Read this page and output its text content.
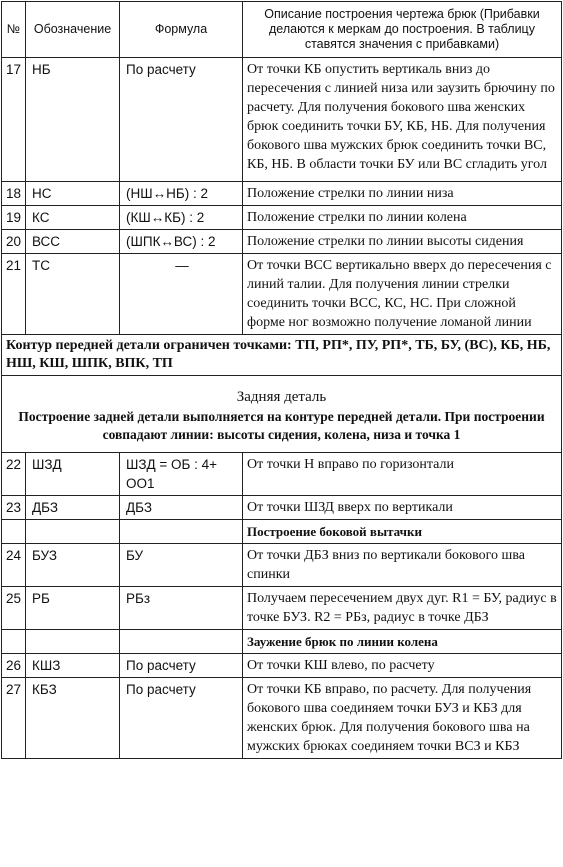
№	Обозначение	Формула	Описание построения чертежа брюк (Прибавки делаются к меркам до построения. В таблицу ставятся значения с прибавками)
17	НБ	По расчету	От точки КБ опустить вертикаль вниз до пересечения с линией низа или заузить брючину по расчету. Для получения бокового шва женских брюк соединить точки БУ, КБ, НБ. Для получения бокового шва мужских брюк соединить точки ВС, КБ, НБ. В области точки БУ или ВС сгладить угол
18	НС	(НШ↔НБ) : 2	Положение стрелки по линии низа
19	КС	(КШ↔КБ) : 2	Положение стрелки по линии колена
20	ВСС	(ШПК↔ВС) : 2	Положение стрелки по линии высоты сидения
21	ТС	—	От точки ВСС вертикально вверх до пересечения с линий талии. Для получения линии стрелки соединить точки ВСС, КС, НС. При сложной форме ног возможно получение ломаной линии
Контур передней детали ограничен точками: ТП, РП*, ПУ, РП*, ТБ, БУ, (ВС), КБ, НБ, НШ, КШ, ШПК, ВПК, ТП			

Задняя деталь
Построение задней детали выполняется на контуре передней детали. При построении совпадают линии: высоты сидения, колена, низа и точка 1			

22	ШЗД	ШЗД = ОБ : 4+ ОО1	От точки Н вправо по горизонтали
23	ДБЗ	ДБЗ	От точки ШЗД вверх по вертикали
			Построение боковой вытачки
24	БУЗ	БУ	От точки ДБЗ вниз по вертикали бокового шва спинки
25	РБ	РБз	Получаем пересечением двух дуг. R1 = БУ, радиус в точке БУЗ. R2 = РБз, радиус в точке ДБЗ
			Заужение брюк по линии колена
26	КШЗ	По расчету	От точки КШ влево, по расчету
27	КБЗ	По расчету	От точки КБ вправо, по расчету. Для получения бокового шва соединяем точки БУЗ и КБЗ для женских брюк. Для получения бокового шва на мужских брюках соединяем точки ВСЗ и КБЗ
